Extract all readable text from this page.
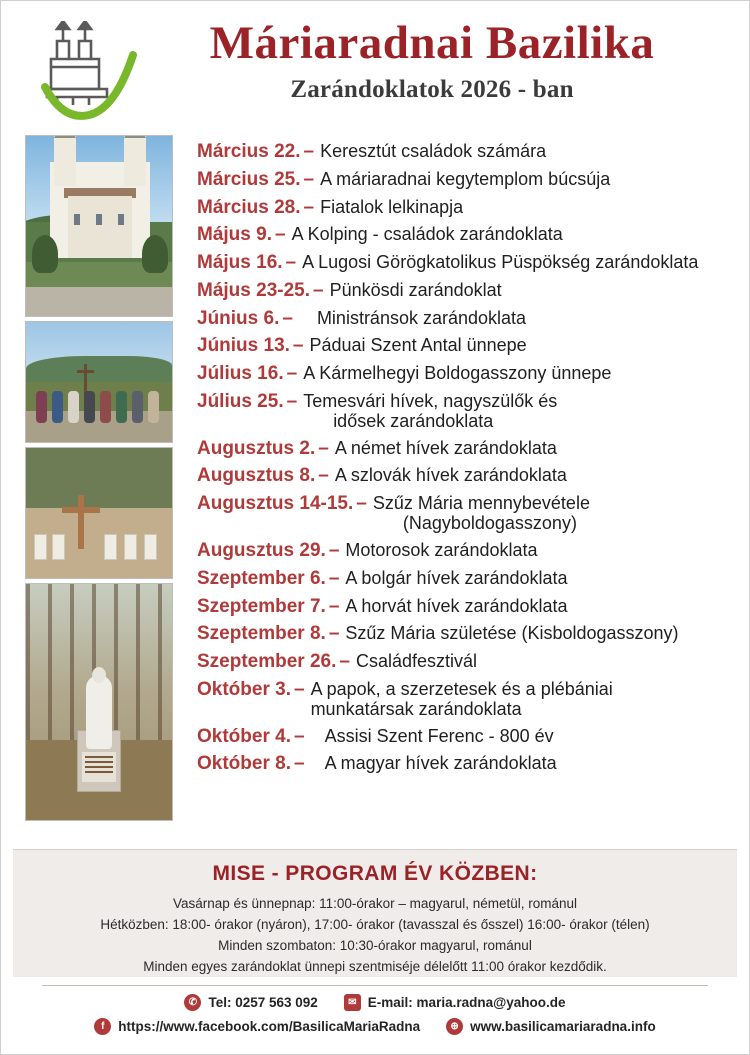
Máriaradnai Bazilika
Zarándoklatok 2026 - ban
Március 22. – Keresztút családok számára
Március 25. – A máriaradnai kegytemplom búcsúja
Március 28. – Fiatalok lelkinapja
Május 9. – A Kolping - családok zarándoklata
Május 16. – A Lugosi Görögkatolikus Püspökség zarándoklata
Május 23-25. – Pünkösdi zarándoklat
Június 6. –	Ministránsok zarándoklata
Június 13. – Páduai Szent Antal ünnepe
Július 16. – A Kármelhegyi Boldogasszony ünnepe
Július 25. – Temesvári hívek, nagyszülők és
idősek zarándoklata
Augusztus 2. – A német hívek zarándoklata
Augusztus 8. – A szlovák hívek zarándoklata
Augusztus 14-15. – Szűz Mária mennybevétele
(Nagyboldogasszony)
Augusztus 29. – Motorosok zarándoklata
Szeptember 6. – A bolgár hívek zarándoklata
Szeptember 7. – A horvát hívek zarándoklata
Szeptember 8. – Szűz Mária születése (Kisboldogasszony)
Szeptember 26. – Családfesztivál
Október 3. – A papok, a szerzetesek és a plébániai
munkatársak zarándoklata
Október 4. –	Assisi Szent Ferenc - 800 év
Október 8. –	A magyar hívek zarándoklata
MISE - PROGRAM ÉV KÖZBEN:

Vasárnap és ünnepnap: 11:00-órakor – magyarul, németül, románul

Hétközben: 18:00- órakor (nyáron), 17:00- órakor (tavasszal és ősszel) 16:00- órakor (télen)

Minden szombaton: 10:30-órakor magyarul, románul

Minden egyes zarándoklat ünnepi szentmiséje délelőtt 11:00 órakor kezdődik.

✆ Tel: 0257 563 092	✉ E-mail: maria.radna@yahoo.de
f	https://www.facebook.com/BasilicaMariaRadna	⊕ www.basilicamariaradna.info
